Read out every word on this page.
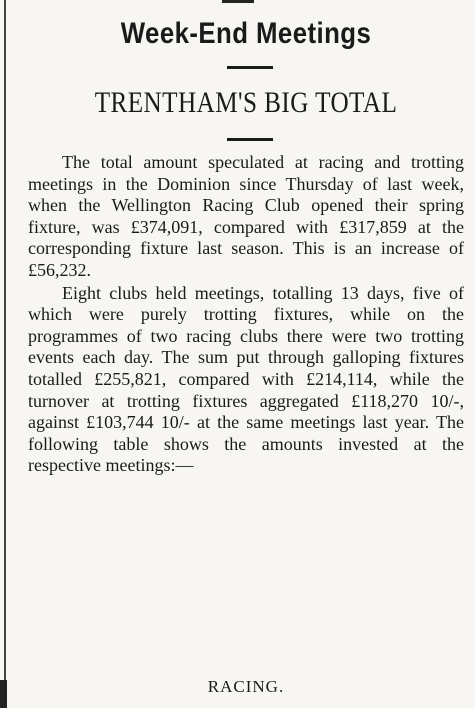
Week-End Meetings
TRENTHAM'S BIG TOTAL

The total amount speculated at racing and trotting meetings in the Dominion since Thursday of last week, when the Wellington Racing Club opened their spring fixture, was £374,091, compared with £317,859 at the corresponding fixture last season. This is an increase of £56,232.

Eight clubs held meetings, totalling 13 days, five of which were purely trotting fixtures, while on the programmes of two racing clubs there were two trotting events each day. The sum put through galloping fixtures totalled £255,821, compared with £214,114, while the turnover at trotting fixtures aggregated £118,270 10/-, against £103,744 10/- at the same meetings last year. The following table shows the amounts invested at the respective meetings:—

RACING.
